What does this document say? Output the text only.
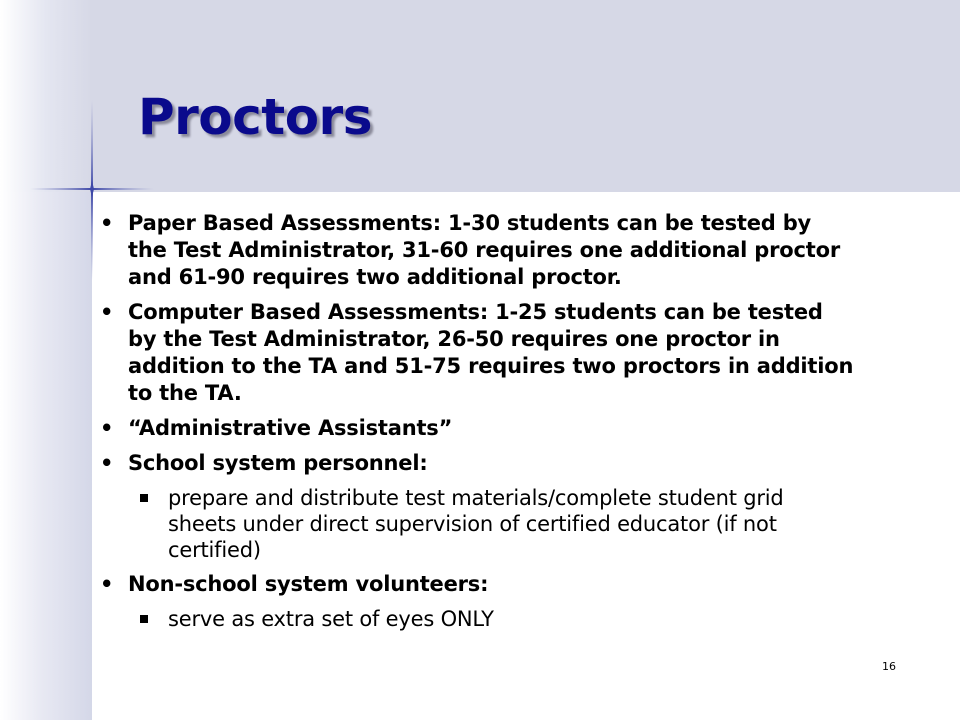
Proctors
• Paper Based Assessments: 1-30 students can be tested by the Test Administrator, 31-60 requires one additional proctor and 61-90 requires two additional proctor.
• Computer Based Assessments: 1-25 students can be tested by the Test Administrator, 26-50 requires one proctor in addition to the TA and 51-75 requires two proctors in addition to the TA.
• “Administrative Assistants”
• School system personnel:
prepare and distribute test materials/complete student grid sheets under direct supervision of certified educator (if not certified)
• Non-school system volunteers:
serve as extra set of eyes ONLY
16
